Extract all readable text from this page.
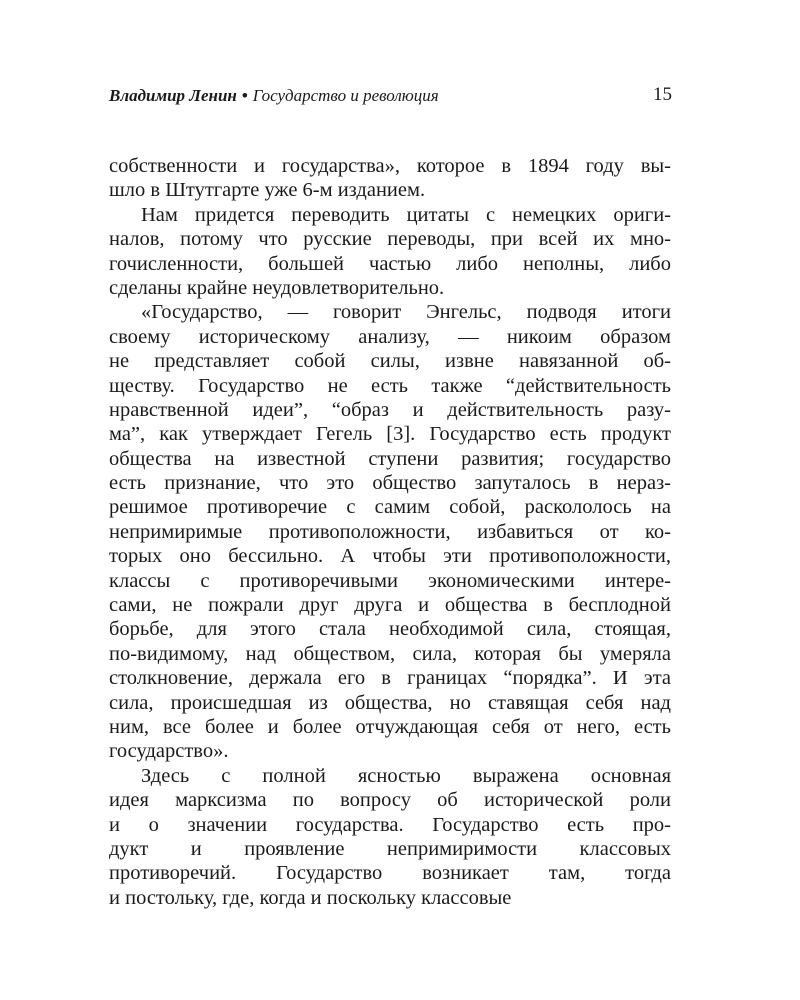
Владимир Ленин • Государство и революция	15
собственности и государства», которое в 1894 году вы-
шло в Штутгарте уже 6-м изданием.
Нам придется переводить цитаты с немецких ориги-
налов, потому что русские переводы, при всей их мно-
гочисленности, большей частью либо неполны, либо
сделаны крайне неудовлетворительно.
«Государство, — говорит Энгельс, подводя итоги
своему историческому анализу, — никоим образом
не представляет собой силы, извне навязанной об-
ществу. Государство не есть также “действительность
нравственной идеи”, “образ и действительность разу-
ма”, как утверждает Гегель [3]. Государство есть продукт
общества на известной ступени развития; государство
есть признание, что это общество запуталось в нераз-
решимое противоречие с самим собой, раскололось на
непримиримые противоположности, избавиться от ко-
торых оно бессильно. А чтобы эти противоположности,
классы с противоречивыми экономическими интере-
сами, не пожрали друг друга и общества в бесплодной
борьбе, для этого стала необходимой сила, стоящая,
по-видимому, над обществом, сила, которая бы умеряла
столкновение, держала его в границах “порядка”. И эта
сила, происшедшая из общества, но ставящая себя над
ним, все более и более отчуждающая себя от него, есть
государство».
Здесь с полной ясностью выражена основная
идея марксизма по вопросу об исторической роли
и о значении государства. Государство есть про-
дукт и проявление непримиримости классовых
противоречий. Государство возникает там, тогда
и постольку, где, когда и поскольку классовые
